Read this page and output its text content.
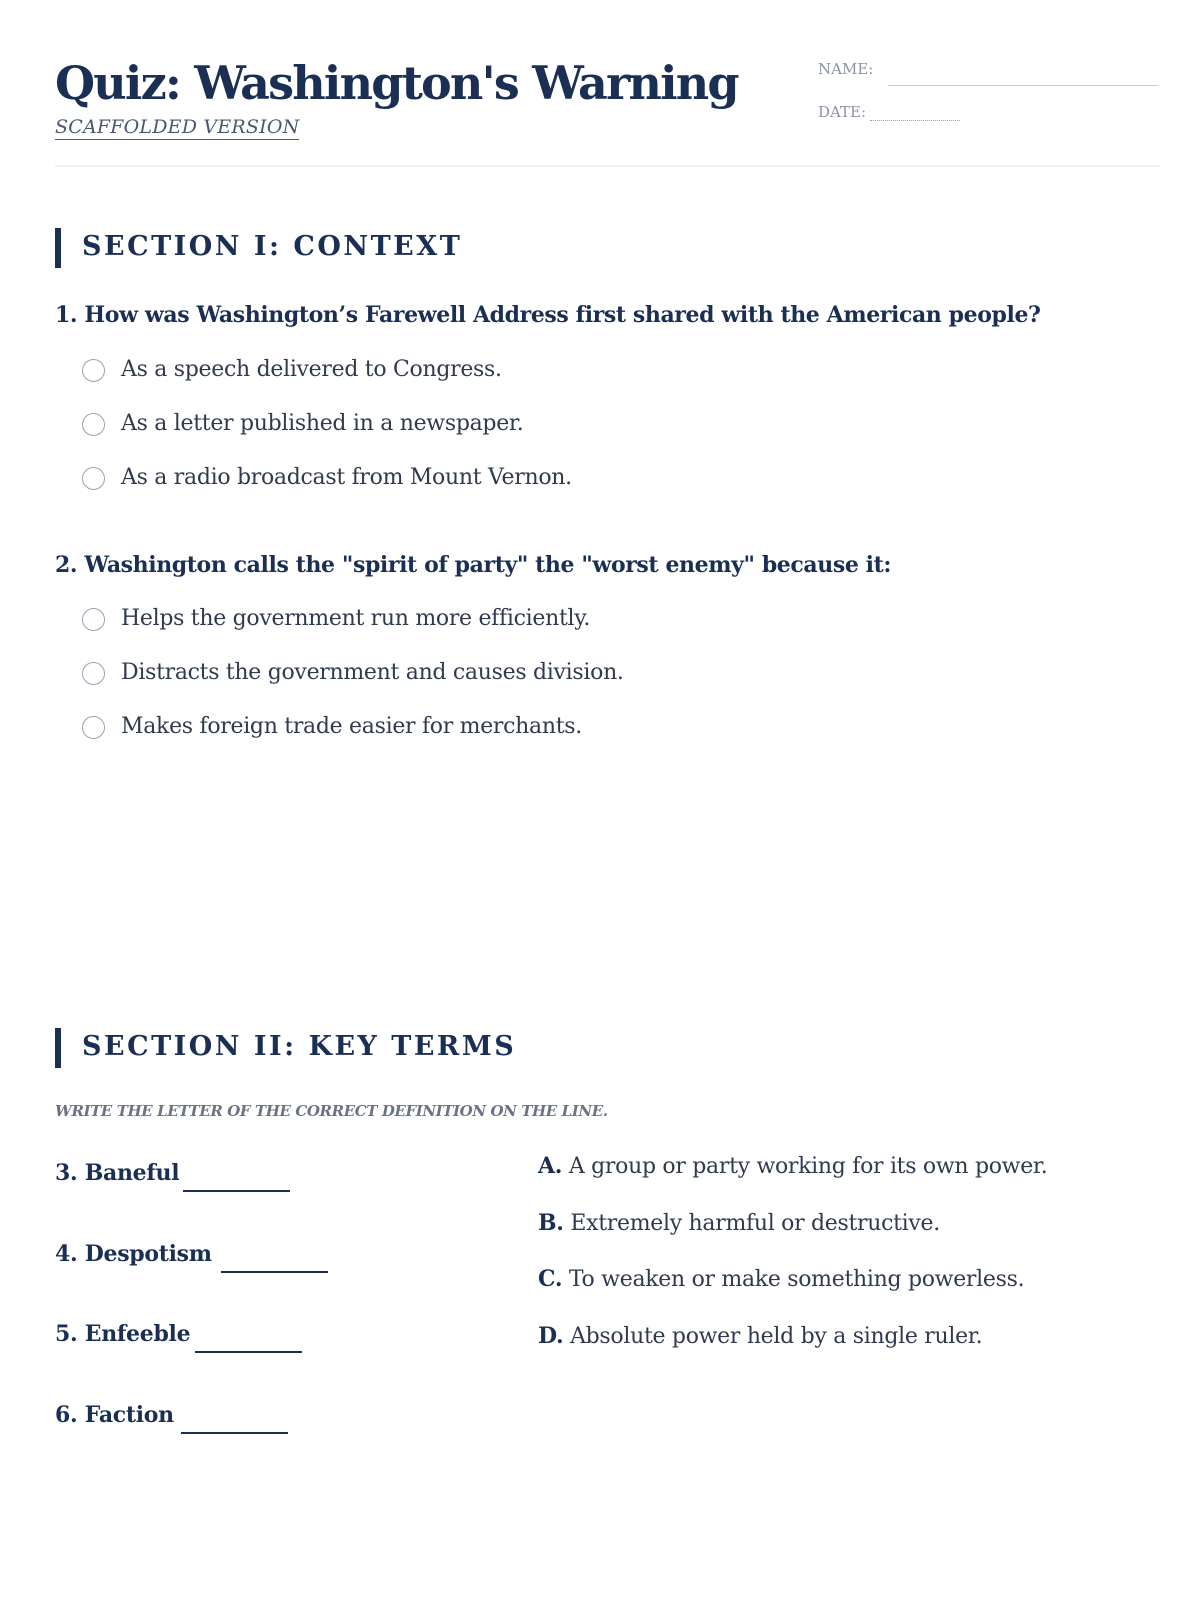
Quiz: Washington's Warning
SCAFFOLDED VERSION
NAME:
DATE:
SECTION I: CONTEXT
1. How was Washington’s Farewell Address first shared with the American people?
As a speech delivered to Congress.
As a letter published in a newspaper.
As a radio broadcast from Mount Vernon.
2. Washington calls the "spirit of party" the "worst enemy" because it:
Helps the government run more efficiently.
Distracts the government and causes division.
Makes foreign trade easier for merchants.
SECTION II: KEY TERMS
WRITE THE LETTER OF THE CORRECT DEFINITION ON THE LINE.
3. Baneful
4. Despotism
5. Enfeeble
6. Faction
A. A group or party working for its own power.
B. Extremely harmful or destructive.
C. To weaken or make something powerless.
D. Absolute power held by a single ruler.
